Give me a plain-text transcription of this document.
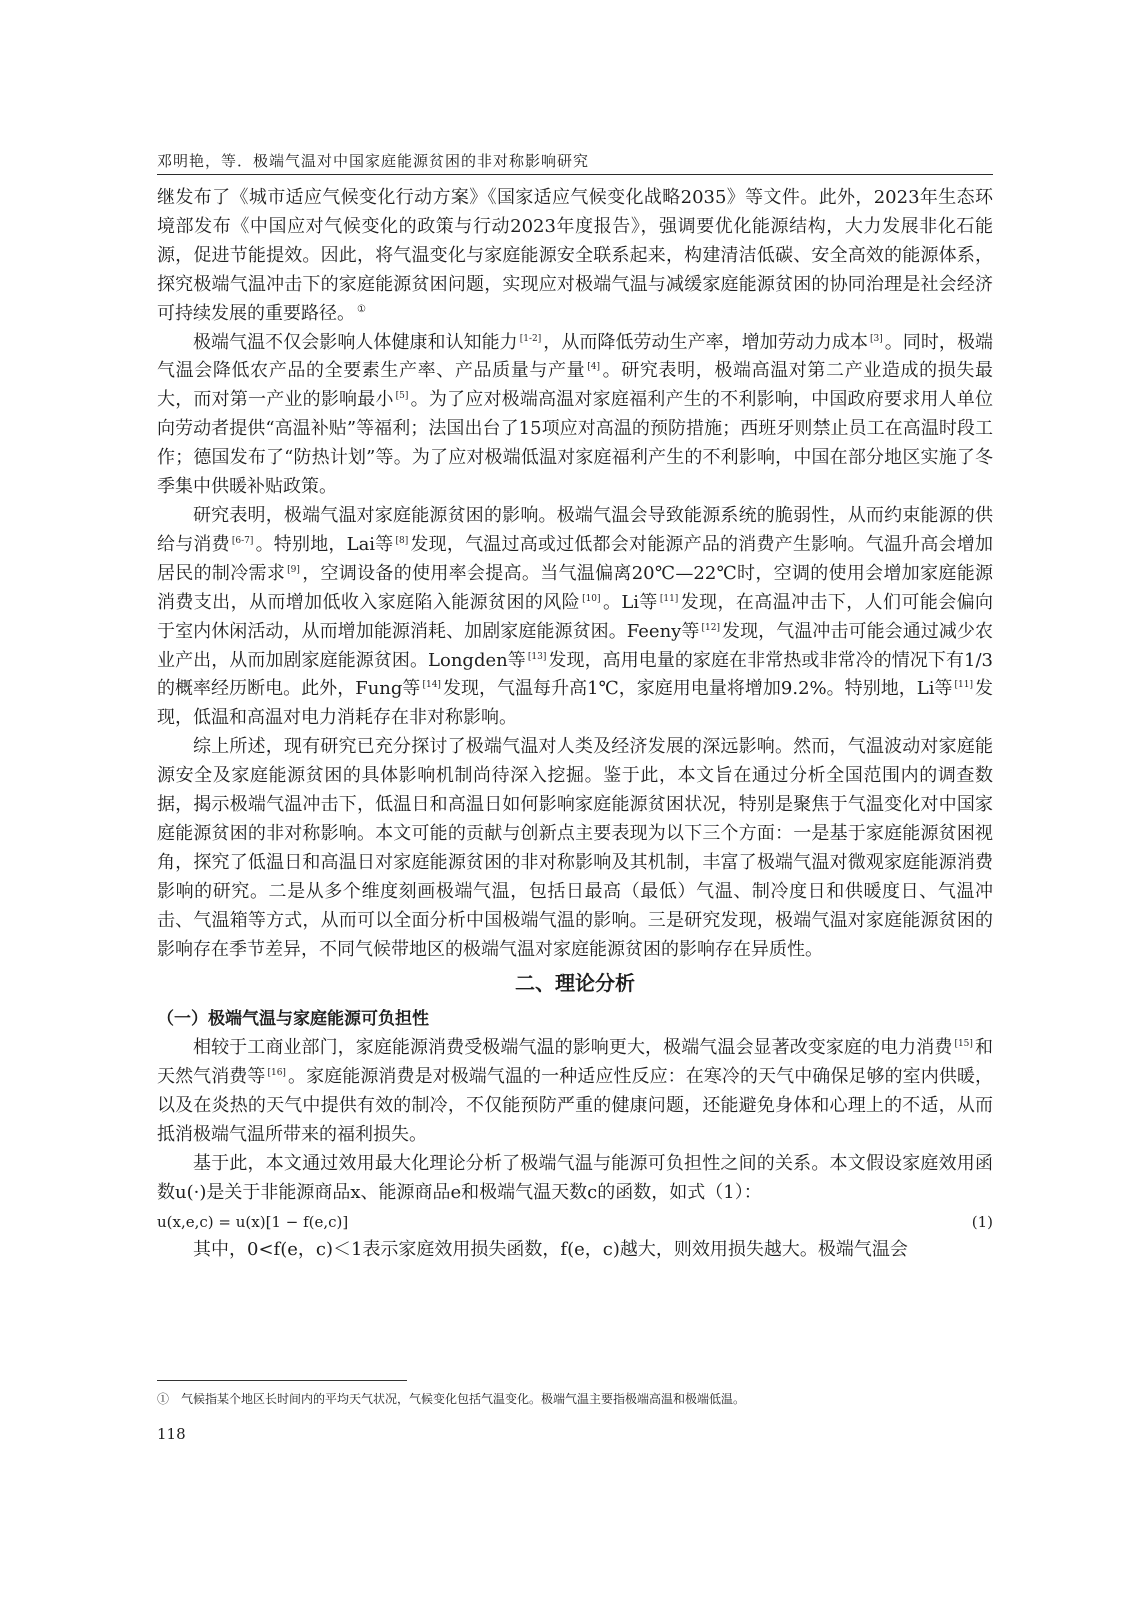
邓明艳，等．极端气温对中国家庭能源贫困的非对称影响研究

继发布了《城市适应气候变化行动方案》《国家适应气候变化战略2035》等文件。此外，2023年生态环境部发布《中国应对气候变化的政策与行动2023年度报告》，强调要优化能源结构，大力发展非化石能源，促进节能提效。因此，将气温变化与家庭能源安全联系起来，构建清洁低碳、安全高效的能源体系，探究极端气温冲击下的家庭能源贫困问题，实现应对极端气温与减缓家庭能源贫困的协同治理是社会经济可持续发展的重要路径。 ①

极端气温不仅会影响人体健康和认知能力 [1-2] ，从而降低劳动生产率，增加劳动力成本 [3] 。同时，极端气温会降低农产品的全要素生产率、产品质量与产量 [4] 。研究表明，极端高温对第二产业造成的损失最大，而对第一产业的影响最小 [5] 。为了应对极端高温对家庭福利产生的不利影响，中国政府要求用人单位向劳动者提供“高温补贴”等福利；法国出台了15项应对高温的预防措施；西班牙则禁止员工在高温时段工作；德国发布了“防热计划”等。为了应对极端低温对家庭福利产生的不利影响，中国在部分地区实施了冬季集中供暖补贴政策。

研究表明，极端气温对家庭能源贫困的影响。极端气温会导致能源系统的脆弱性，从而约束能源的供给与消费 [6-7] 。特别地，Lai等 [8] 发现，气温过高或过低都会对能源产品的消费产生影响。气温升高会增加居民的制冷需求 [9] ，空调设备的使用率会提高。当气温偏离20℃—22℃时，空调的使用会增加家庭能源消费支出，从而增加低收入家庭陷入能源贫困的风险 [10] 。Li等 [11] 发现，在高温冲击下，人们可能会偏向于室内休闲活动，从而增加能源消耗、加剧家庭能源贫困。Feeny等 [12] 发现，气温冲击可能会通过减少农业产出，从而加剧家庭能源贫困。Longden等 [13] 发现，高用电量的家庭在非常热或非常冷的情况下有1/3的概率经历断电。此外，Fung等 [14] 发现，气温每升高1℃，家庭用电量将增加9.2%。特别地，Li等 [11] 发现，低温和高温对电力消耗存在非对称影响。

综上所述，现有研究已充分探讨了极端气温对人类及经济发展的深远影响。然而，气温波动对家庭能源安全及家庭能源贫困的具体影响机制尚待深入挖掘。鉴于此，本文旨在通过分析全国范围内的调查数据，揭示极端气温冲击下，低温日和高温日如何影响家庭能源贫困状况，特别是聚焦于气温变化对中国家庭能源贫困的非对称影响。本文可能的贡献与创新点主要表现为以下三个方面：一是基于家庭能源贫困视角，探究了低温日和高温日对家庭能源贫困的非对称影响及其机制，丰富了极端气温对微观家庭能源消费影响的研究。二是从多个维度刻画极端气温，包括日最高（最低）气温、制冷度日和供暖度日、气温冲击、气温箱等方式，从而可以全面分析中国极端气温的影响。三是研究发现，极端气温对家庭能源贫困的影响存在季节差异，不同气候带地区的极端气温对家庭能源贫困的影响存在异质性。

二、理论分析
（一）极端气温与家庭能源可负担性

相较于工商业部门，家庭能源消费受极端气温的影响更大，极端气温会显著改变家庭的电力消费 [15] 和天然气消费等 [16] 。家庭能源消费是对极端气温的一种适应性反应：在寒冷的天气中确保足够的室内供暖，以及在炎热的天气中提供有效的制冷，不仅能预防严重的健康问题，还能避免身体和心理上的不适，从而抵消极端气温所带来的福利损失。

基于此，本文通过效用最大化理论分析了极端气温与能源可负担性之间的关系。本文假设家庭效用函数u(·)是关于非能源商品x、能源商品e和极端气温天数c的函数，如式（1）：

u(x,e,c) = u(x)[1 − f(e,c)]	(1)

其中，0<f(e，c)＜1表示家庭效用损失函数，f(e，c)越大，则效用损失越大。极端气温会

①　气候指某个地区长时间内的平均天气状况，气候变化包括气温变化。极端气温主要指极端高温和极端低温。
118
